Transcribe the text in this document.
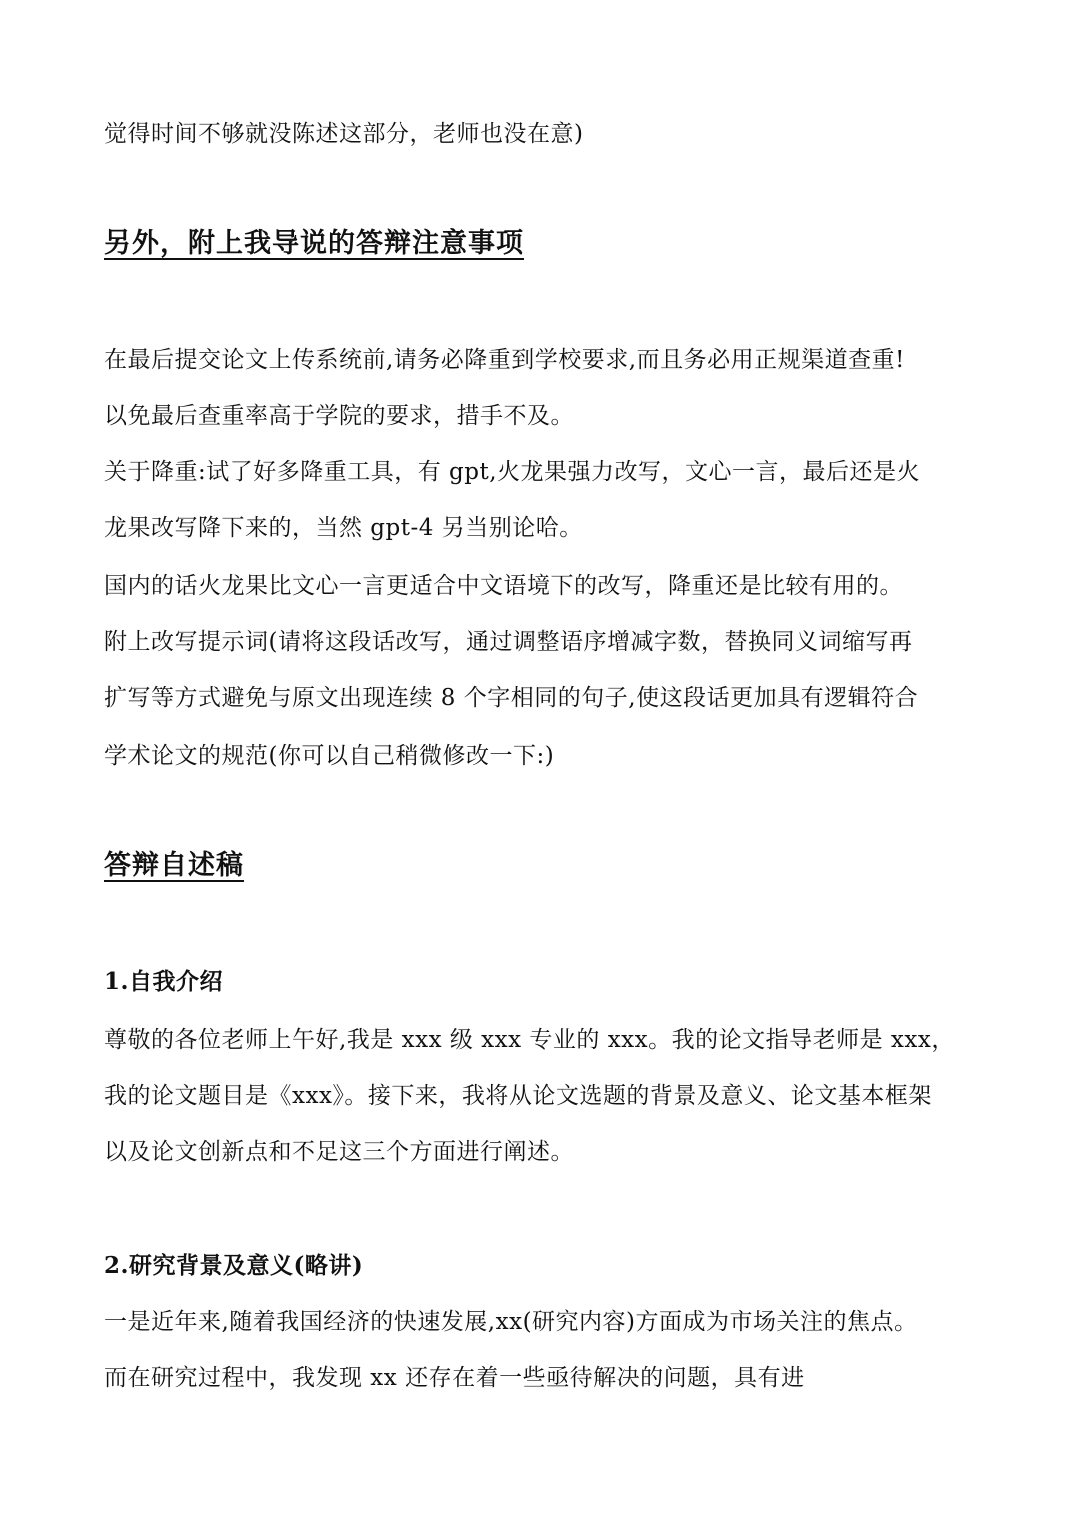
觉得时间不够就没陈述这部分，老师也没在意)

另外，附上我导说的答辩注意事项

在最后提交论文上传系统前,请务必降重到学校要求,而且务必用正规渠道查重!

以免最后查重率高于学院的要求，措手不及。

关于降重:试了好多降重工具，有 gpt,火龙果强力改写，文心一言，最后还是火

龙果改写降下来的，当然 gpt-4 另当别论哈。

国内的话火龙果比文心一言更适合中文语境下的改写，降重还是比较有用的。

附上改写提示词(请将这段话改写，通过调整语序增减字数，替换同义词缩写再

扩写等方式避免与原文出现连续 8 个字相同的句子,使这段话更加具有逻辑符合

学术论文的规范(你可以自己稍微修改一下:)

答辩自述稿
1.自我介绍

尊敬的各位老师上午好,我是 xxx 级 xxx 专业的 xxx。我的论文指导老师是 xxx，

我的论文题目是《xxx》。接下来，我将从论文选题的背景及意义、论文基本框架

以及论文创新点和不足这三个方面进行阐述。

2.研究背景及意义(略讲)

一是近年来,随着我国经济的快速发展,xx(研究内容)方面成为市场关注的焦点。

而在研究过程中，我发现 xx 还存在着一些亟待解决的问题，具有进
